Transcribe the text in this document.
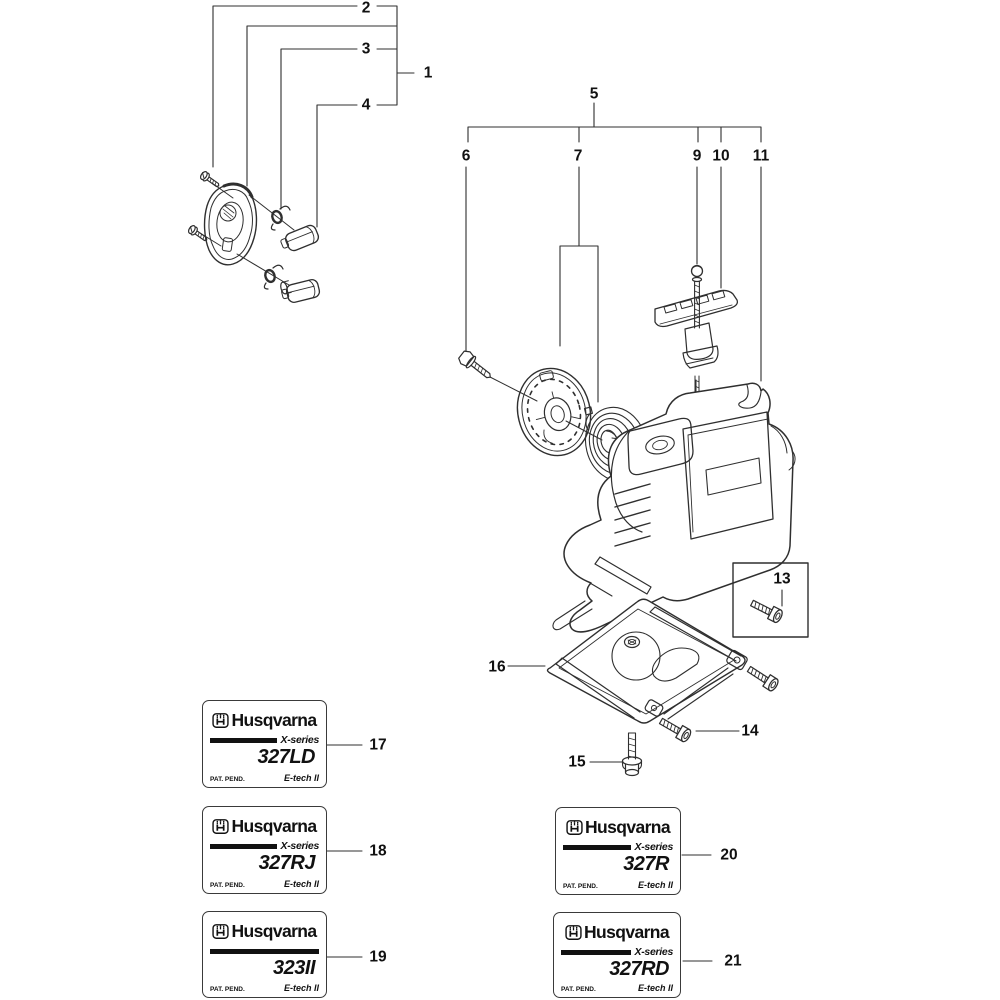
1
2
3
4
5
6	7	9 10 11
13
14
15
16
17
18
19
20
21
Husqvarna
X-series
327LD
PAT. PEND.	E-tech II
Husqvarna
X-series
327RJ
PAT. PEND.	E-tech II
Husqvarna
323II
PAT. PEND.	E-tech II
Husqvarna
X-series
327R
PAT. PEND.	E-tech II
Husqvarna
X-series
327RD
PAT. PEND.	E-tech II
